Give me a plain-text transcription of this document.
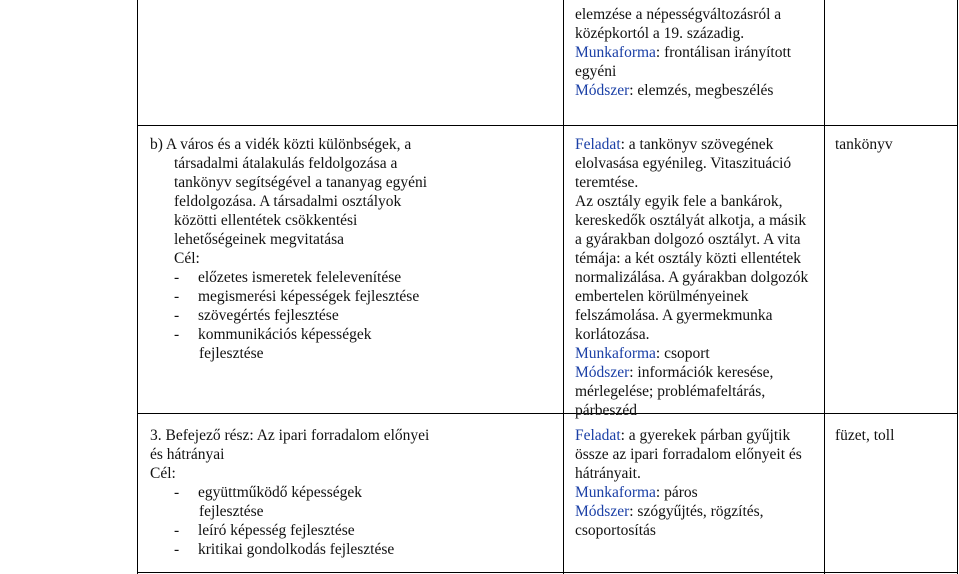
elemzése a népességváltozásról a
középkortól a 19. századig.
Munkaforma: frontálisan irányított
egyéni
Módszer: elemzés, megbeszélés
b) A város és a vidék közti különbségek, a
társadalmi átalakulás feldolgozása a
tankönyv segítségével a tananyag egyéni
feldolgozása. A társadalmi osztályok
közötti ellentétek csökkentési
lehetőségeinek megvitatása
Cél:
- előzetes ismeretek felelevenítése
- megismerési képességek fejlesztése
- szövegértés fejlesztése
- kommunikációs képességek
fejlesztése
Feladat: a tankönyv szövegének
elolvasása egyénileg. Vitaszituáció
teremtése.
Az osztály egyik fele a bankárok,
kereskedők osztályát alkotja, a másik
a gyárakban dolgozó osztályt. A vita
témája: a két osztály közti ellentétek
normalizálása. A gyárakban dolgozók
embertelen körülményeinek
felszámolása. A gyermekmunka
korlátozása.
Munkaforma: csoport
Módszer: információk keresése,
mérlegelése; problémafeltárás,
párbeszéd
tankönyv
3. Befejező rész: Az ipari forradalom előnyei
és hátrányai
Cél:
- együttműködő képességek
fejlesztése
- leíró képesség fejlesztése
- kritikai gondolkodás fejlesztése
Feladat: a gyerekek párban gyűjtik
össze az ipari forradalom előnyeit és
hátrányait.
Munkaforma: páros
Módszer: szógyűjtés, rögzítés,
csoportosítás
füzet, toll
